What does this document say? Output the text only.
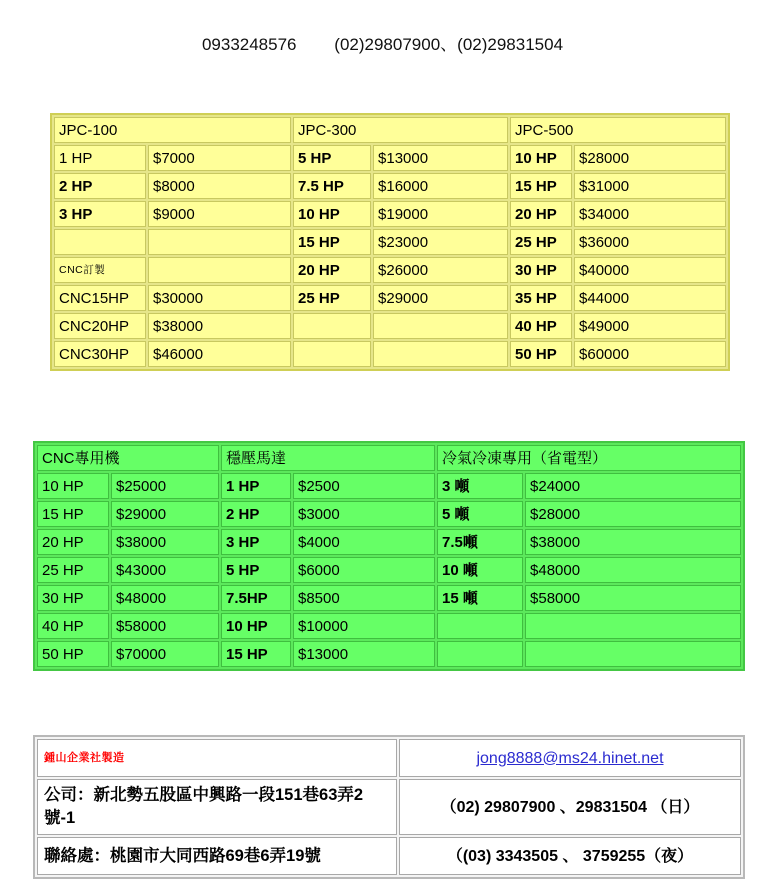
0933248576        (02)29807900、(02)29831504
JPC-100		JPC-300		JPC-500	
1 HP	$7000	5 HP	$13000	10 HP	$28000
2 HP	$8000	7.5 HP	$16000	15 HP	$31000
3 HP	$9000	10 HP	$19000	20 HP	$34000
		15 HP	$23000	25 HP	$36000
CNC訂製		20 HP	$26000	30 HP	$40000
CNC15HP	$30000	25 HP	$29000	35 HP	$44000
CNC20HP	$38000			40 HP	$49000
CNC30HP	$46000			50 HP	$60000
CNC專用機		穩壓馬達		冷氣冷凍專用（省電型）	
10 HP	$25000	1 HP	$2500	3 噸	$24000
15 HP	$29000	2 HP	$3000	5 噸	$28000
20 HP	$38000	3 HP	$4000	7.5噸	$38000
25 HP	$43000	5 HP	$6000	10 噸	$48000
30 HP	$48000	7.5HP	$8500	15 噸	$58000
40 HP	$58000	10 HP	$10000		
50 HP	$70000	15 HP	$13000		
鍾山企業社製造	jong8888@ms24.hinet.net
公司：新北勢五股區中興路一段151巷63弄2號-1	（02) 29807900 、29831504 （日）
聯絡處：桃園市大同西路69巷6弄19號	（(03) 3343505 、 3759255（夜）
